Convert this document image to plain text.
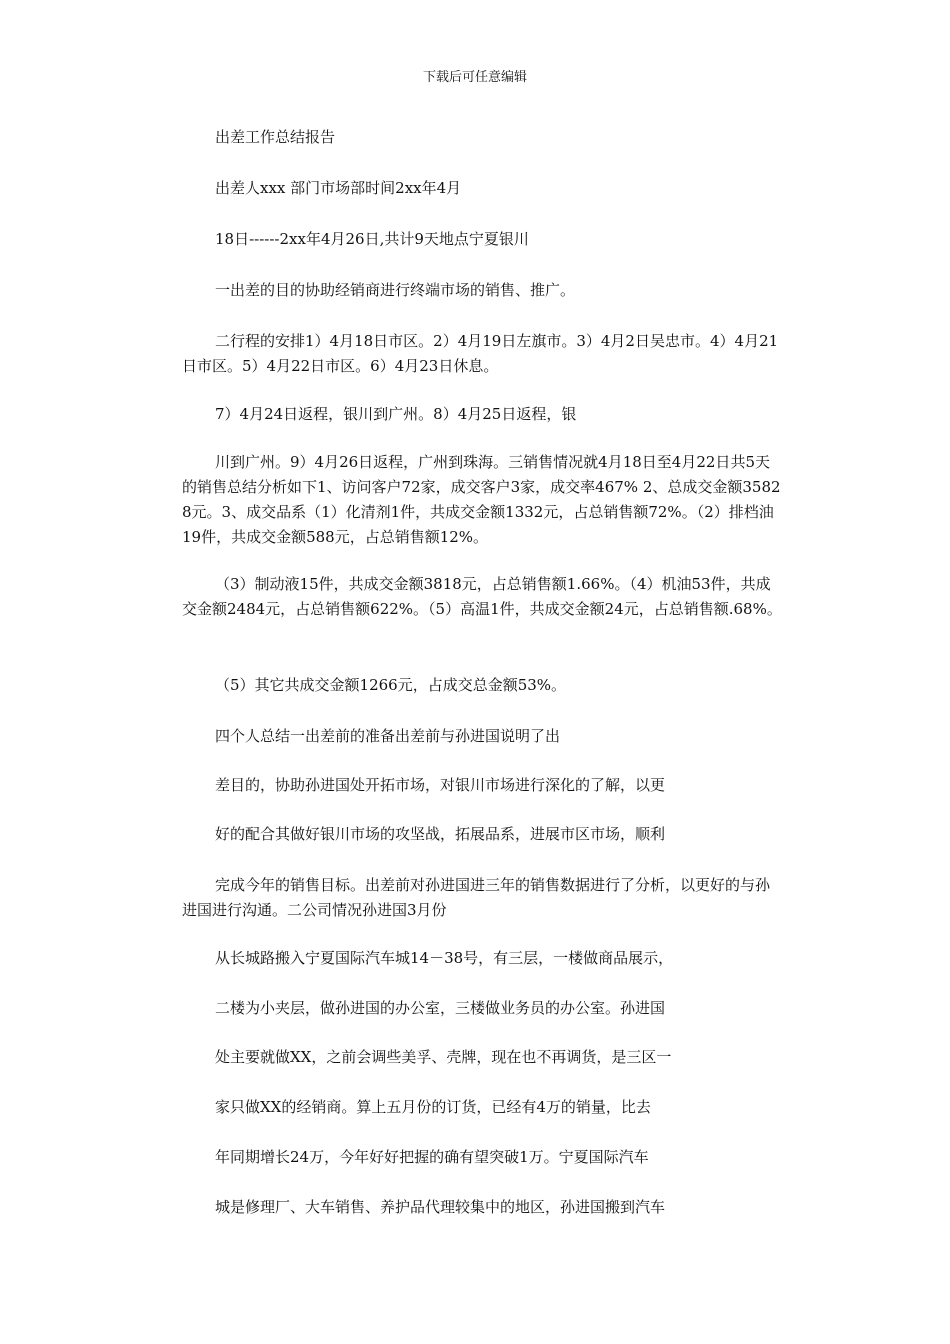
下载后可任意编辑

出差工作总结报告

出差人xxx 部门市场部时间2xx年4月

18日------2xx年4月26日,共计9天地点宁夏银川

一出差的目的协助经销商进行终端市场的销售、推广。

二行程的安排1）4月18日市区。2）4月19日左旗市。3）4月2日吴忠市。4）4月21日市区。5）4月22日市区。6）4月23日休息。

7）4月24日返程，银川到广州。8）4月25日返程，银

川到广州。9）4月26日返程，广州到珠海。三销售情况就4月18日至4月22日共5天的销售总结分析如下1、访问客户72家，成交客户3家，成交率467% 2、总成交金额35828元。3、成交品系（1）化清剂1件，共成交金额1332元，占总销售额72%。（2）排档油19件，共成交金额588元，占总销售额12%。

（3）制动液15件，共成交金额3818元，占总销售额1.66%。（4）机油53件，共成交金额2484元，占总销售额622%。（5）高温1件，共成交金额24元，占总销售额.68%。

（5）其它共成交金额1266元，占成交总金额53%。

四个人总结一出差前的准备出差前与孙进国说明了出

差目的，协助孙进国处开拓市场，对银川市场进行深化的了解，以更

好的配合其做好银川市场的攻坚战，拓展品系，进展市区市场，顺利

完成今年的销售目标。出差前对孙进国进三年的销售数据进行了分析，以更好的与孙进国进行沟通。二公司情况孙进国3月份

从长城路搬入宁夏国际汽车城14－38号，有三层，一楼做商品展示，

二楼为小夹层，做孙进国的办公室，三楼做业务员的办公室。孙进国

处主要就做XX，之前会调些美孚、壳牌，现在也不再调货，是三区一

家只做XX的经销商。算上五月份的订货，已经有4万的销量，比去

年同期增长24万，今年好好把握的确有望突破1万。宁夏国际汽车

城是修理厂、大车销售、养护品代理较集中的地区，孙进国搬到汽车
